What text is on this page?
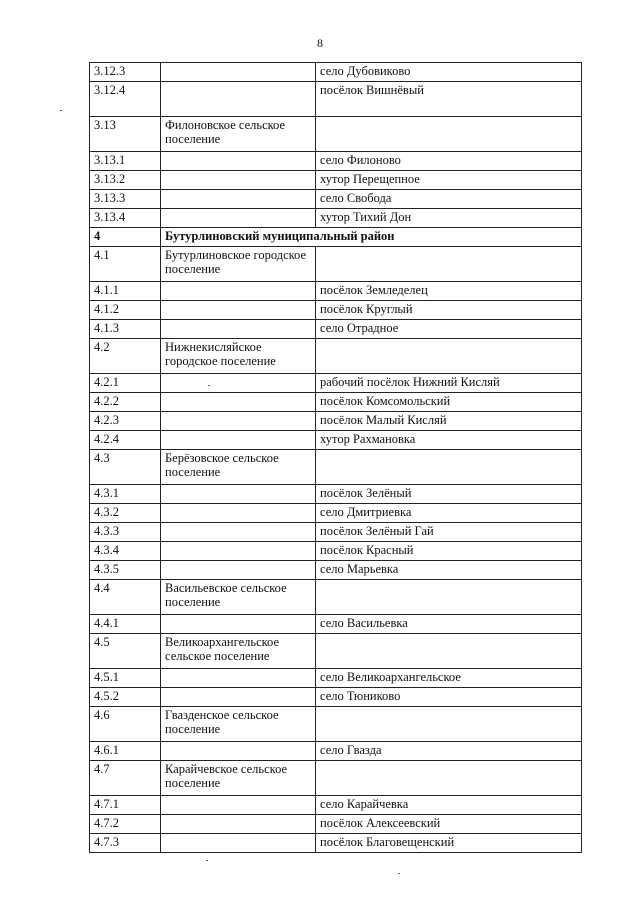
8
3.12.3		село Дубовиково
3.12.4		посёлок Вишнёвый
3.13	Филоновское сельское поселение	
3.13.1		село Филоново
3.13.2		хутор Перещепное
3.13.3		село Свобода
3.13.4		хутор Тихий Дон
4	Бутурлиновский муниципальный район	
4.1	Бутурлиновское городское поселение	
4.1.1		посёлок Земледелец
4.1.2		посёлок Круглый
4.1.3		село Отрадное
4.2	Нижнекисляйское городское поселение	
4.2.1		рабочий посёлок Нижний Кисляй
4.2.2		посёлок Комсомольский
4.2.3		посёлок Малый Кисляй
4.2.4		хутор Рахмановка
4.3	Берёзовское сельское поселение	
4.3.1		посёлок Зелёный
4.3.2		село Дмитриевка
4.3.3		посёлок Зелёный Гай
4.3.4		посёлок Красный
4.3.5		село Марьевка
4.4	Васильевское сельское поселение	
4.4.1		село Васильевка
4.5	Великоархангельское сельское поселение	
4.5.1		село Великоархангельское
4.5.2		село Тюниково
4.6	Гвазденское сельское поселение	
4.6.1		село Гвазда
4.7	Карайчевское сельское поселение	
4.7.1		село Карайчевка
4.7.2		посёлок Алексеевский
4.7.3		посёлок Благовещенский
